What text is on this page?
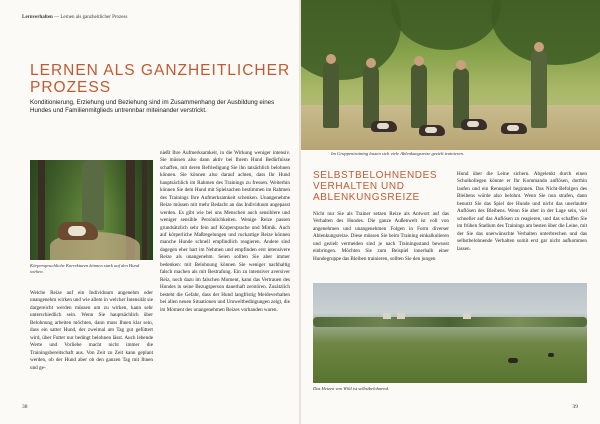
Lernverhalten — Lernen als ganzheitlicher Prozess
LERNEN ALS GANZHEITLICHER PROZESS
Konditionierung, Erziehung und Beziehung sind im Zusammenhang der Ausbildung eines Hundes und Familienmitglieds untrennbar miteinander verstrickt.
Körpersprachliche Korrekturen können stark auf den Hund wirken.

Welche Reize auf ein Individuum angenehm oder unangenehm wirken und wie allem in welcher Intensität sie dargereicht werden müssen um zu wirken, kann sehr unterschiedlich sein. Wenn Sie hauptsächlich über Belohnung arbeiten möchten, dann muss Ihnen klar sein, dass ein satter Hund, der zweimal am Tag gut gefüttert wird, über Futter nur bedingt belohnen lässt. Auch lebende Werte und Vorliebe macht nicht immer die Trainingsbereitschaft aus. Von Zeit zu Zeit kann geplant werden, ob der Hund aber ob den ganzen Tag mit Ihnen und ge-

nießt Ihre Aufmerksamkeit, in die Wirkung weniger intensiv. Sie müssen also dann aktiv bei Ihrem Hund Bedürfnisse schaffen, mit deren Befriedigung Sie ihn tatsächlich belohnen können. Sie können also darauf achten, dass Ihr Hund hauptsächlich im Rahmen des Trainings zu fressen. Weiterhin können Sie dem Hund mit Spielsachen bestimmen im Rahmen des Trainings Ihre Aufmerksamkeit schenken. Unangenehme Reize müssen mit mehr Bedacht an das Individuum angepasst werden. Es gibt wie bei uns Menschen auch sensiblere und weniger sensible Persönlichkeiten. Wenige Reize passen grundsätzlich sehr fein auf Körpersprache und Mimik. Auch auf körperliche Maßregelungen und ruckartige Reize können manche Hunde schnell empfindlich reagieren. Andere sind dagegen eher hart im Nehmen und empfinden erst intensivere Reize als unangenehm. Seien sollten Sie aber immer bedenken: mit Belohnung können Sie weniger nachhaltig falsch machen als mit Bestrafung. Ein zu intensiver aversiver Reiz, noch dazu im falschen Moment, kann das Vertrauen des Hundes in seine Bezugsperson dauerhaft zerstören. Zusätzlich besteht die Gefahr, dass der Hund langfristig Meideverhalten bei allen neuen Situationen und Umweltbedingungen zeigt, die im Moment des unangenehmen Reizes vorhanden waren.

38
Im Gruppentraining lassen sich viele Ablenkungsreize gezielt trainieren.
SELBSTBELOHNENDES VERHALTEN UND ABLENKUNGSREIZE

Nicht nur Sie als Trainer setzen Reize als Antwort auf das Verhalten des Hundes. Die ganze Außenwelt ist voll von angenehmen und unangenehmen Folgen in Form diverser Ablenkungsreize. Diese müssen Sie beim Training einkalkulieren und gezielt vermeiden sind je nach Trainingsstand bewusst einbringen. Möchten Sie zum Beispiel innerhalb einer Hundegruppe das Bleiben trainieren, sollten Sie den jungen

Hund über die Leine sichern. Abgelenkt durch einen Schulkollegen könnte er Ihr Kommando auflösen, dorthin laufen und ein Rennspiel beginnen. Das Nicht-Befolgen des Bleibens würde also belohnt. Wenn Sie nun strafen, dann benutzt Sie das Spiel der Hunde und nicht das unerlaubte Auflösen des Bleibens. Wenn Sie aber in der Lage sein, viel schneller auf das Auflösen zu reagieren, und das schaffen Sie im frühen Stadium des Trainings am besten über die Leine, mit der Sie das unerwünschte Verhalten unterbrechen und das selbstbelohnende Verhalten somit erst gar nicht aufkommen lassen.

Das Hetzen von Wild ist selbstbelohnend.
39
